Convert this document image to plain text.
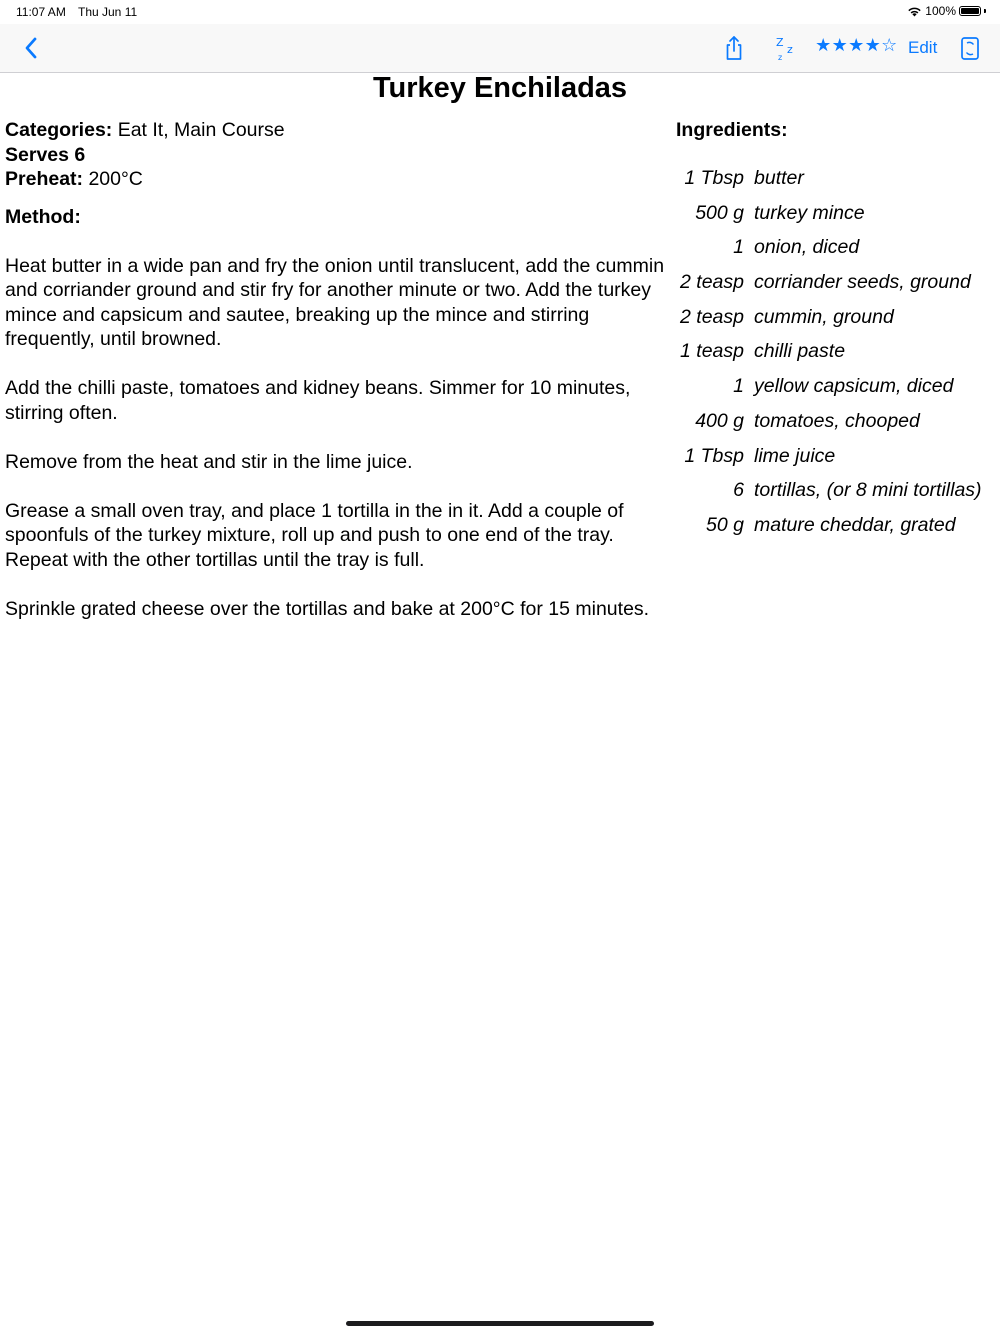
11:07 AM Thu Jun 11	100%
Z
z
z
★ ★ ★ ★ ☆ Edit
Turkey Enchiladas
Categories: Eat It, Main Course
Serves 6
Preheat: 200°C
Method:
Heat butter in a wide pan and fry the onion until translucent, add the cummin and corriander ground and stir fry for another minute or two. Add the turkey mince and capsicum and sautee, breaking up the mince and stirring frequently, until browned.
Add the chilli paste, tomatoes and kidney beans. Simmer for 10 minutes, stirring often.
Remove from the heat and stir in the lime juice.
Grease a small oven tray, and place 1 tortilla in the in it. Add a couple of spoonfuls of the turkey mixture, roll up and push to one end of the tray. Repeat with the other tortillas until the tray is full.
Sprinkle grated cheese over the tortillas and bake at 200°C for 15 minutes.
Ingredients:
1 Tbsp butter
500 g turkey mince
1 onion, diced
2 teasp corriander seeds, ground
2 teasp cummin, ground
1 teasp chilli paste
1 yellow capsicum, diced
400 g tomatoes, chooped
1 Tbsp lime juice
6 tortillas, (or 8 mini tortillas)
50 g mature cheddar, grated
